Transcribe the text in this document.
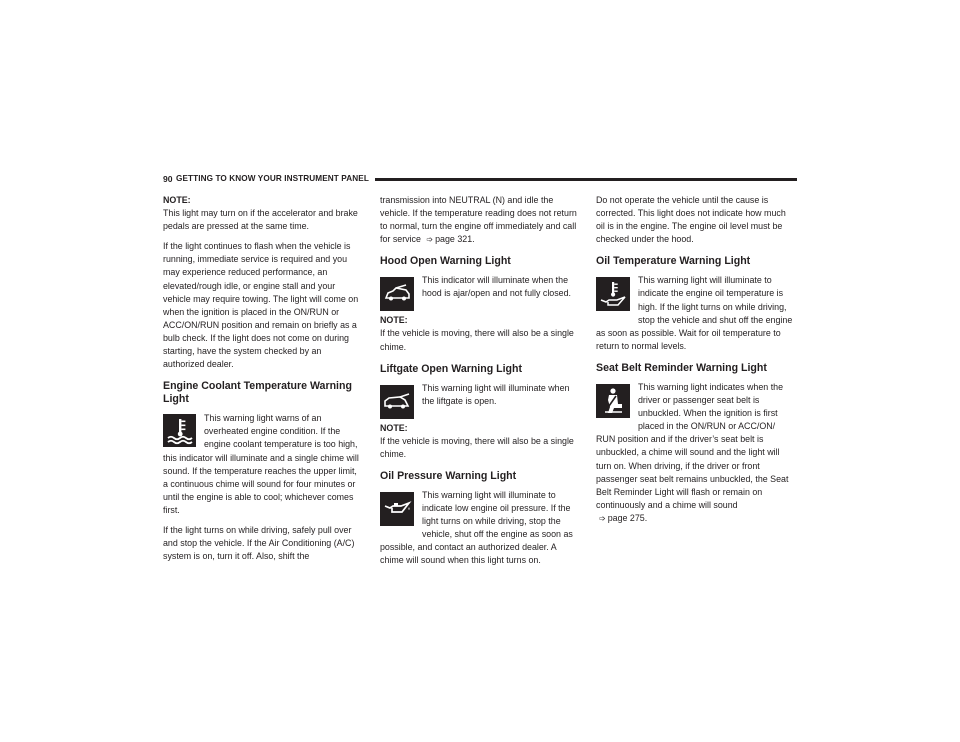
90 GETTING TO KNOW YOUR INSTRUMENT PANEL

NOTE:
This light may turn on if the accelerator and brake pedals are pressed at the same time.

If the light continues to flash when the vehicle is running, immediate service is required and you may experience reduced performance, an elevated/rough idle, or engine stall and your vehicle may require towing. The light will come on when the ignition is placed in the ON/RUN or ACC/ON/RUN position and remain on briefly as a bulb check. If the light does not come on during starting, have the system checked by an authorized dealer.

Engine Coolant Temperature Warning Light

This warning light warns of an overheated engine condition. If the engine coolant temperature is too high, this indicator will illuminate and a single chime will sound. If the temperature reaches the upper limit, a continuous chime will sound for four minutes or until the engine is able to cool; whichever comes first.

If the light turns on while driving, safely pull over and stop the vehicle. If the Air Conditioning (A/C) system is on, turn it off. Also, shift the

transmission into NEUTRAL (N) and idle the vehicle. If the temperature reading does not return to normal, turn the engine off immediately and call for service ➩ page 321.

Hood Open Warning Light

This indicator will illuminate when the hood is ajar/open and not fully closed.

NOTE:
If the vehicle is moving, there will also be a single chime.

Liftgate Open Warning Light

This warning light will illuminate when the liftgate is open.

NOTE:
If the vehicle is moving, there will also be a single chime.

Oil Pressure Warning Light

This warning light will illuminate to indicate low engine oil pressure. If the light turns on while driving, stop the vehicle, shut off the engine as soon as possible, and contact an authorized dealer. A chime will sound when this light turns on.

Do not operate the vehicle until the cause is corrected. This light does not indicate how much oil is in the engine. The engine oil level must be checked under the hood.

Oil Temperature Warning Light

This warning light will illuminate to indicate the engine oil temperature is high. If the light turns on while driving, stop the vehicle and shut off the engine as soon as possible. Wait for oil temperature to return to normal levels.

Seat Belt Reminder Warning Light

This warning light indicates when the driver or passenger seat belt is unbuckled. When the ignition is first placed in the ON/RUN or ACC/ON/ RUN position and if the driver’s seat belt is unbuckled, a chime will sound and the light will turn on. When driving, if the driver or front passenger seat belt remains unbuckled, the Seat Belt Reminder Light will flash or remain on continuously and a chime will sound
➩ page 275.
